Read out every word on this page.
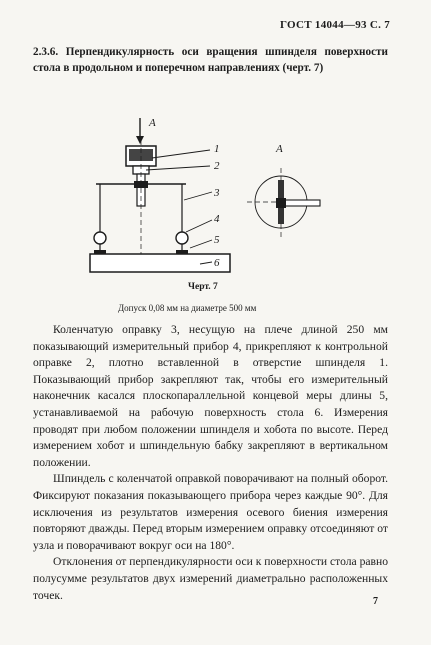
ГОСТ 14044—93 С. 7
2.3.6. Перпендикулярность оси вращения шпинделя поверхности стола в продольном и поперечном направлениях (черт. 7)
A
1
2
3
4
5
6
A
Черт. 7
Допуск 0,08 мм на диаметре 500 мм

Коленчатую оправку 3, несущую на плече длиной 250 мм показывающий измерительный прибор 4, прикрепляют к контрольной оправке 2, плотно вставленной в отверстие шпинделя 1. Показывающий прибор закрепляют так, чтобы его измерительный наконечник касался плоскопараллельной концевой меры длины 5, устанавливаемой на рабочую поверхность стола 6. Измерения проводят при любом положении шпинделя и хобота по высоте. Перед измерением хобот и шпиндельную бабку закрепляют в вертикальном положении.

Шпиндель с коленчатой оправкой поворачивают на полный оборот. Фиксируют показания показывающего прибора через каждые 90°. Для исключения из результатов измерения осевого биения измерения повторяют дважды. Перед вторым измерением оправку отсоединяют от узла и поворачивают вокруг оси на 180°.

Отклонения от перпендикулярности оси к поверхности стола равно полусумме результатов двух измерений диаметрально расположенных точек.	7
